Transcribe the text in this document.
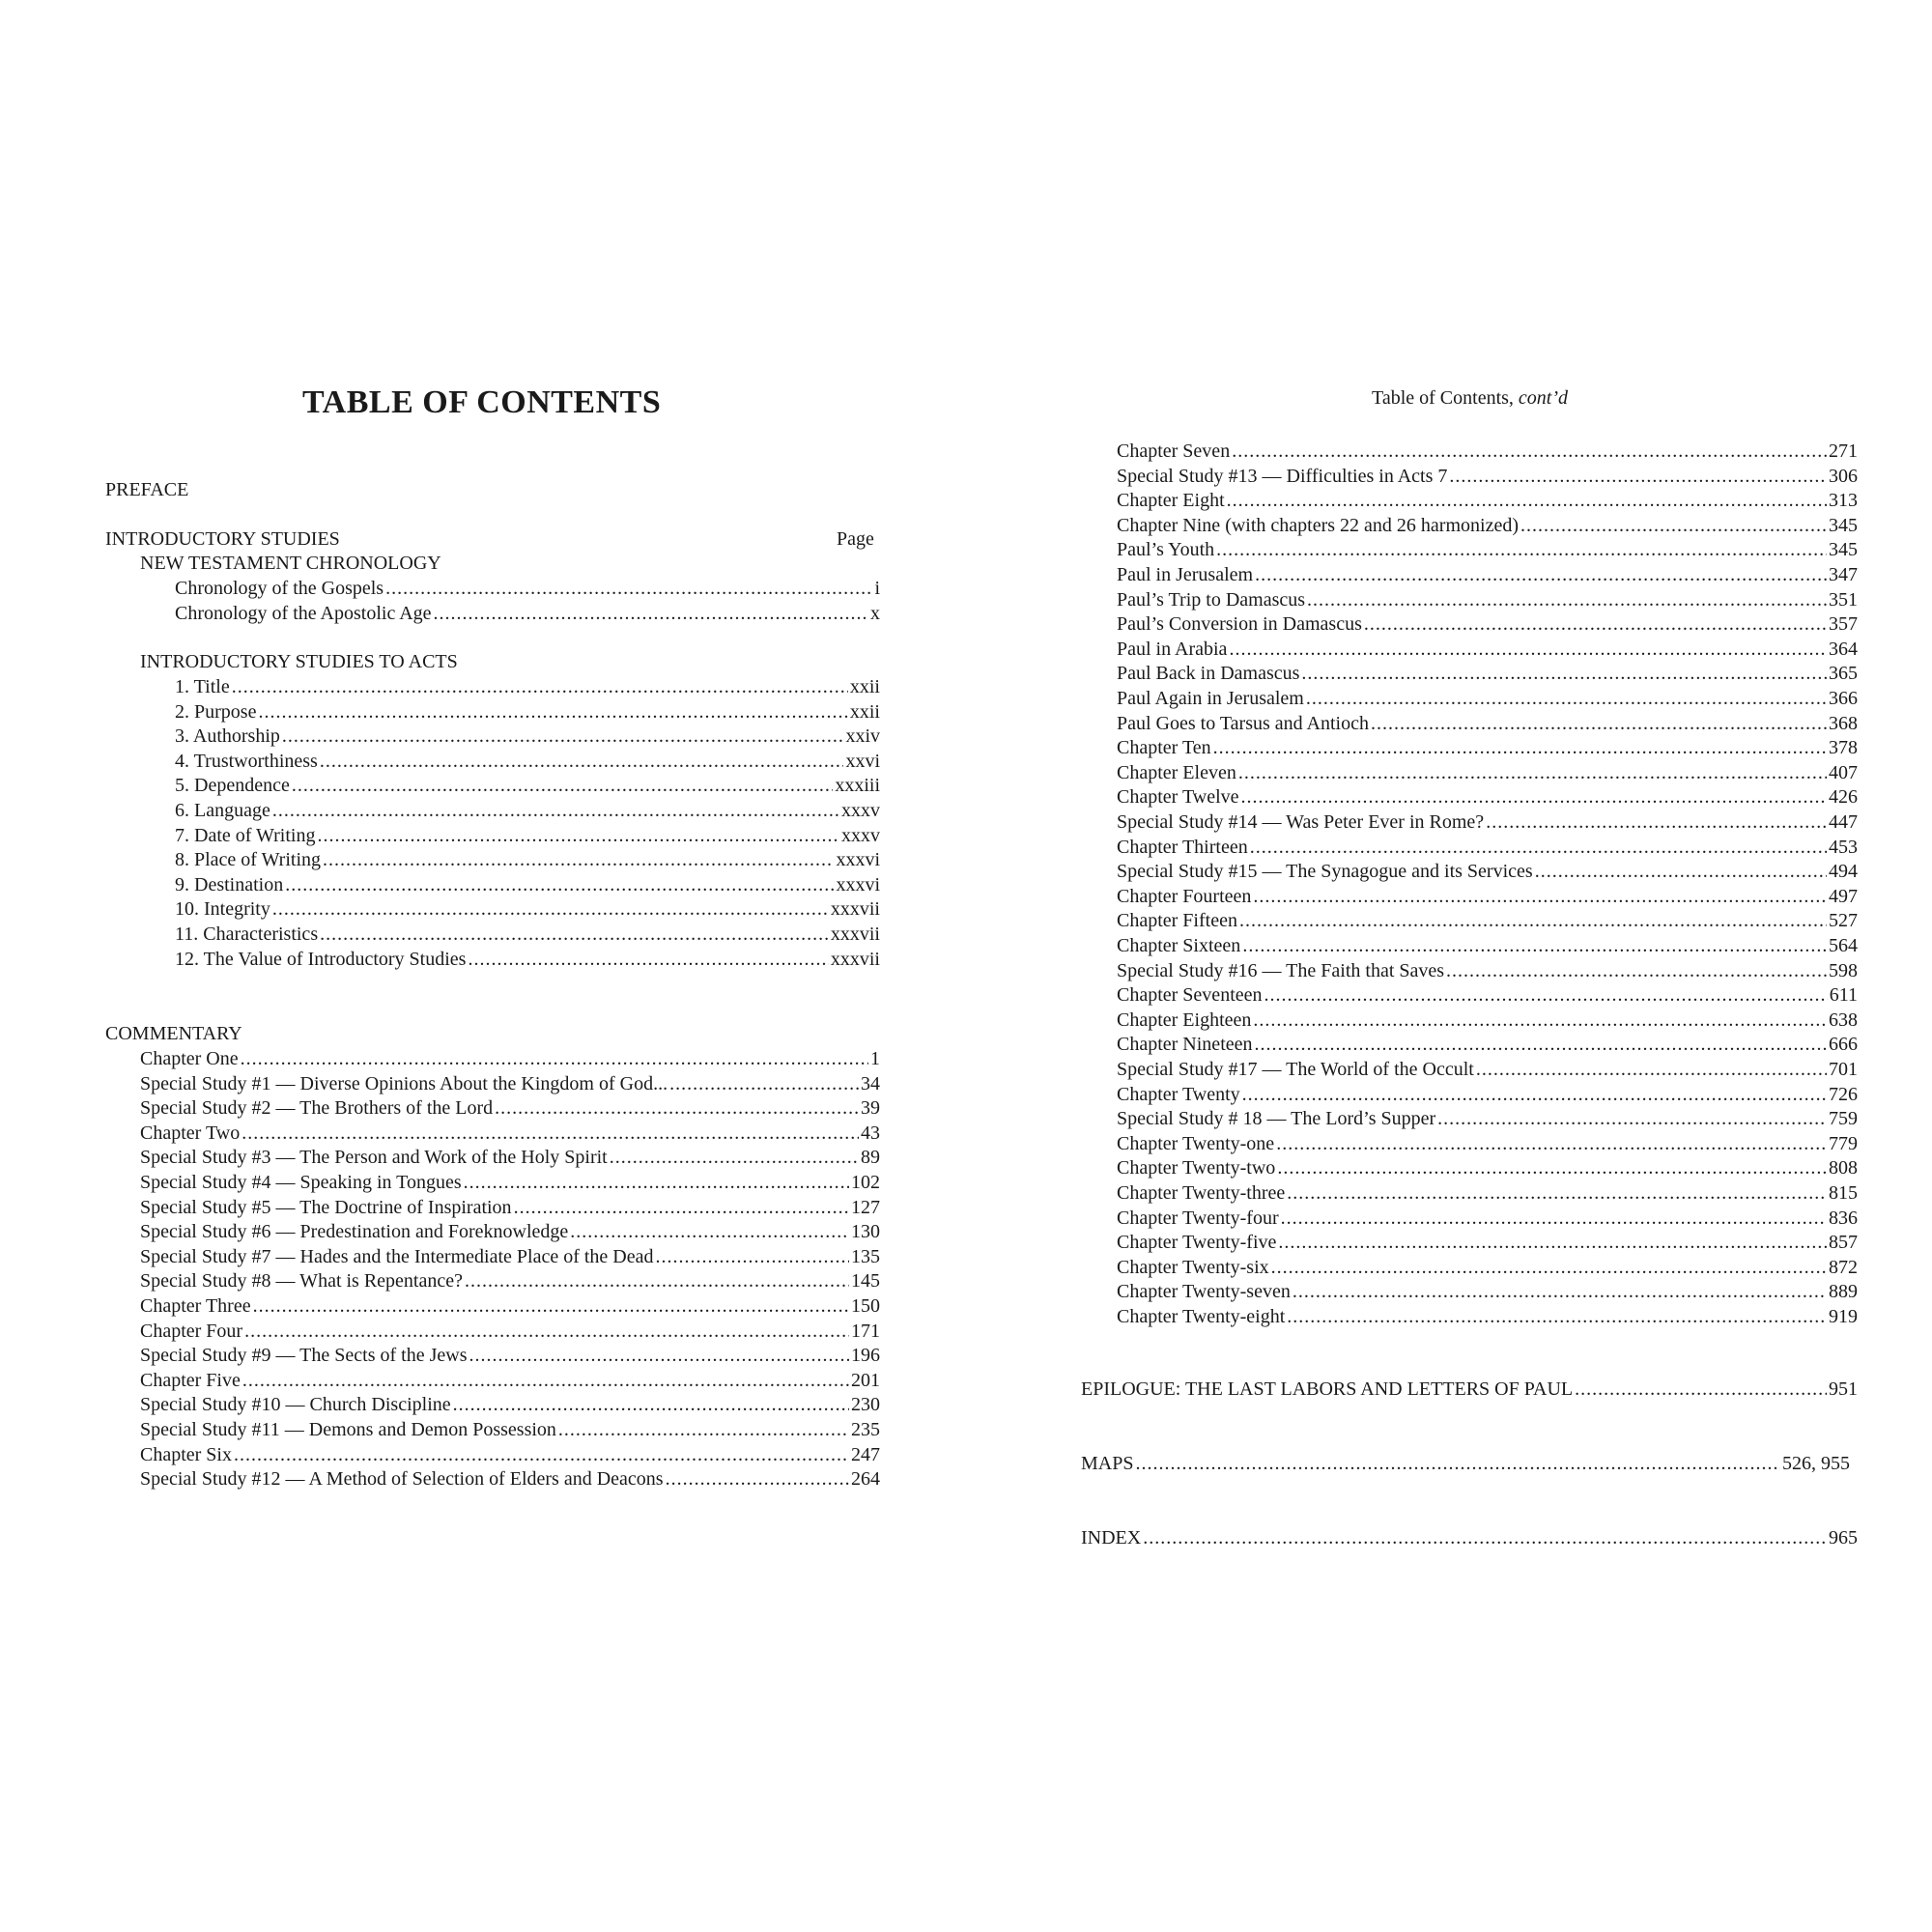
TABLE OF CONTENTS
PREFACE
INTRODUCTORY STUDIES	Page
NEW TESTAMENT CHRONOLOGY
Chronology of the Gospels .....	i
Chronology of the Apostolic Age .....	x
INTRODUCTORY STUDIES TO ACTS
1. Title .....	xxii
2. Purpose .....	xxii
3. Authorship .....	xxiv
4. Trustworthiness .....	xxvi
5. Dependence .....	xxxiii
6. Language .....	xxxv
7. Date of Writing .....	xxxv
8. Place of Writing .....	xxxvi
9. Destination .....	xxxvi
10. Integrity .....	xxxvii
11. Characteristics .....	xxxvii
12. The Value of Introductory Studies .....	xxxvii
COMMENTARY
Chapter One .....	1
Special Study #1 — Diverse Opinions About the Kingdom of God... .....	34
Special Study #2 — The Brothers of the Lord .....	39
Chapter Two .....	43
Special Study #3 — The Person and Work of the Holy Spirit .....	89
Special Study #4 — Speaking in Tongues .....	102
Special Study #5 — The Doctrine of Inspiration .....	127
Special Study #6 — Predestination and Foreknowledge .....	130
Special Study #7 — Hades and the Intermediate Place of the Dead .....	135
Special Study #8 — What is Repentance? .....	145
Chapter Three .....	150
Chapter Four .....	171
Special Study #9 — The Sects of the Jews .....	196
Chapter Five .....	201
Special Study #10 — Church Discipline .....	230
Special Study #11 — Demons and Demon Possession .....	235
Chapter Six .....	247
Special Study #12 — A Method of Selection of Elders and Deacons .....	264
Table of Contents, cont’d
Chapter Seven .....	271
Special Study #13 — Difficulties in Acts 7 .....	306
Chapter Eight .....	313
Chapter Nine (with chapters 22 and 26 harmonized) .....	345
Paul’s Youth .....	345
Paul in Jerusalem .....	347
Paul’s Trip to Damascus .....	351
Paul’s Conversion in Damascus .....	357
Paul in Arabia .....	364
Paul Back in Damascus .....	365
Paul Again in Jerusalem .....	366
Paul Goes to Tarsus and Antioch .....	368
Chapter Ten .....	378
Chapter Eleven .....	407
Chapter Twelve .....	426
Special Study #14 — Was Peter Ever in Rome? .....	447
Chapter Thirteen .....	453
Special Study #15 — The Synagogue and its Services .....	494
Chapter Fourteen .....	497
Chapter Fifteen .....	527
Chapter Sixteen .....	564
Special Study #16 — The Faith that Saves .....	598
Chapter Seventeen .....	611
Chapter Eighteen .....	638
Chapter Nineteen .....	666
Special Study #17 — The World of the Occult .....	701
Chapter Twenty .....	726
Special Study # 18 — The Lord’s Supper .....	759
Chapter Twenty-one .....	779
Chapter Twenty-two .....	808
Chapter Twenty-three .....	815
Chapter Twenty-four .....	836
Chapter Twenty-five .....	857
Chapter Twenty-six .....	872
Chapter Twenty-seven .....	889
Chapter Twenty-eight .....	919
EPILOGUE: THE LAST LABORS AND LETTERS OF PAUL .....	951
MAPS .....	526, 955
INDEX .....	965
